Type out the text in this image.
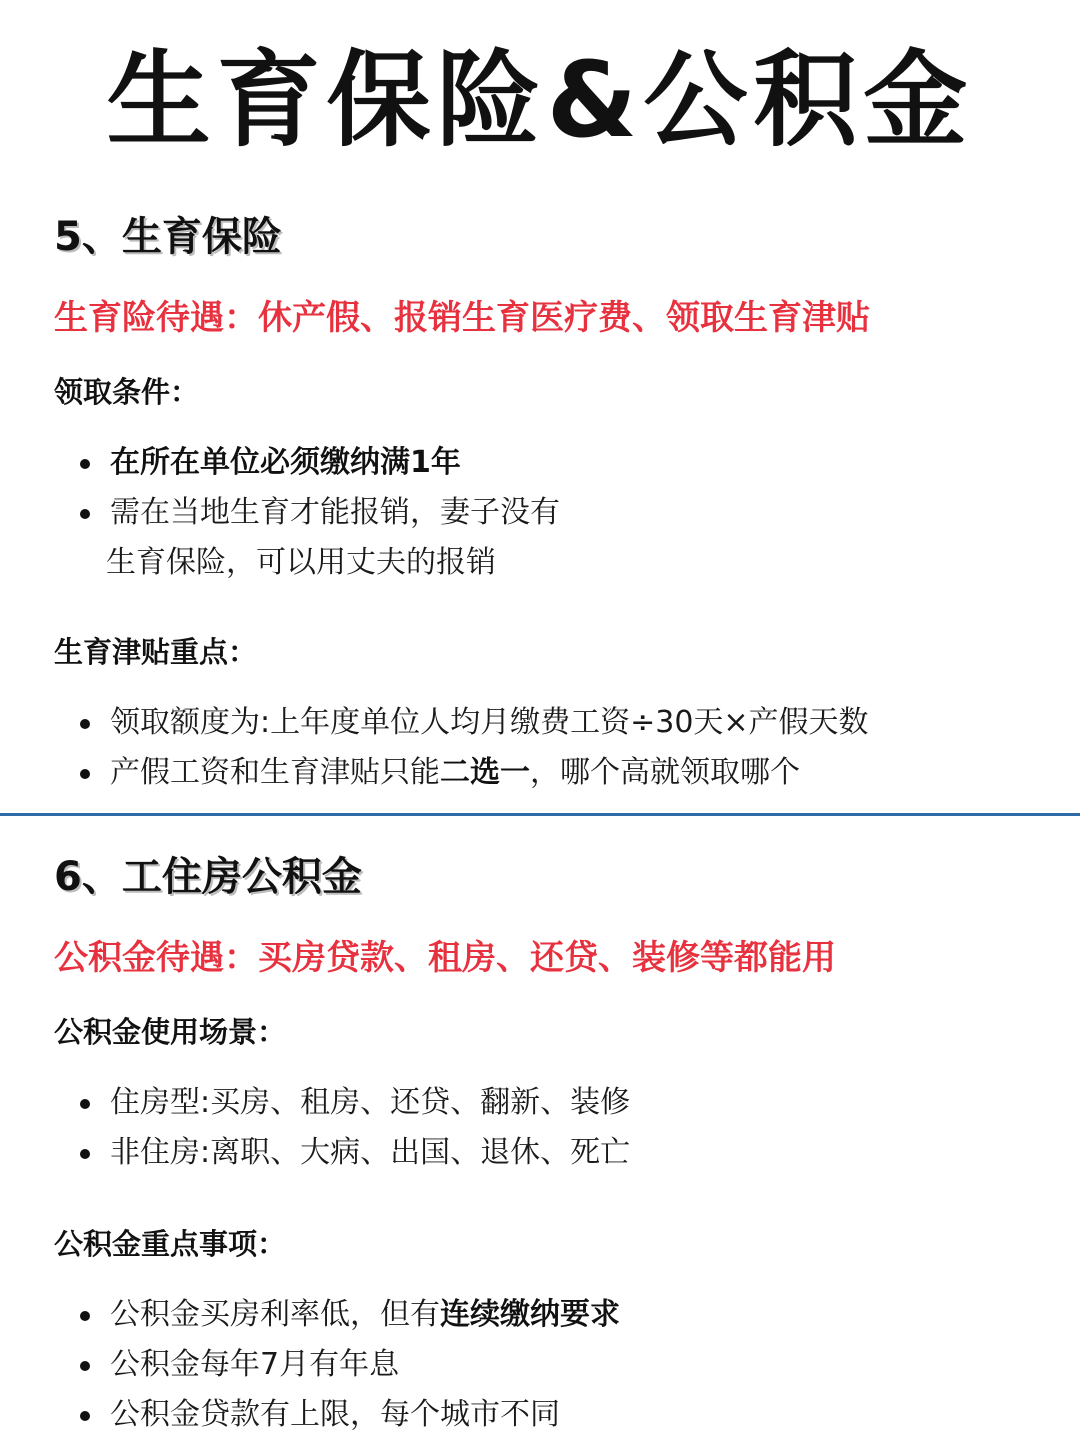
生育保险&公积金
5、生育保险

生育险待遇：休产假、报销生育医疗费、领取生育津贴

领取条件：
在所在单位必须缴纳满1年
需在当地生育才能报销，妻子没有
生育保险，可以用丈夫的报销
生育津贴重点：
领取额度为:上年度单位人均月缴费工资÷30天×产假天数
产假工资和生育津贴只能二选一，哪个高就领取哪个
6、工住房公积金

公积金待遇：买房贷款、租房、还贷、装修等都能用

公积金使用场景：
住房型:买房、租房、还贷、翻新、装修
非住房:离职、大病、出国、退休、死亡
公积金重点事项：
公积金买房利率低，但有连续缴纳要求
公积金每年7月有年息
公积金贷款有上限，每个城市不同
